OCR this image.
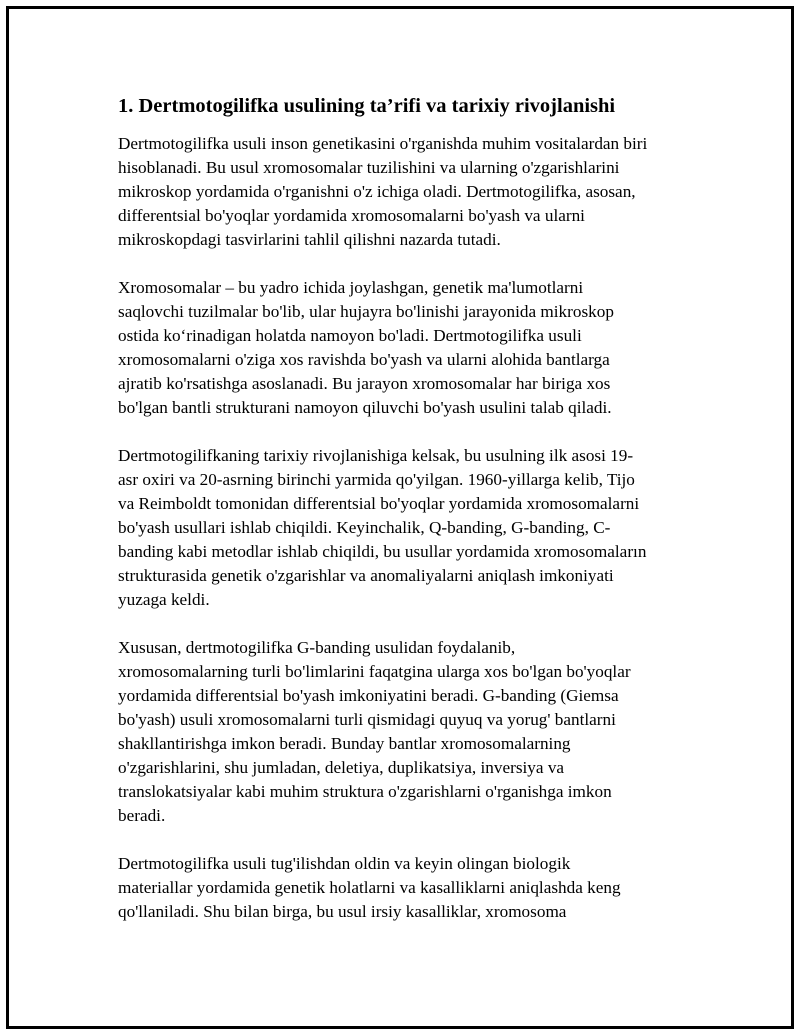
1. Dertmotogilifka usulining ta’rifi va tarixiy rivojlanishi

Dertmotogilifka usuli inson genetikasini o'rganishda muhim vositalardan biri
hisoblanadi. Bu usul xromosomalar tuzilishini va ularning o'zgarishlarini
mikroskop yordamida o'rganishni o'z ichiga oladi. Dertmotogilifka, asosan,
differentsial bo'yoqlar yordamida xromosomalarni bo'yash va ularni
mikroskopdagi tasvirlarini tahlil qilishni nazarda tutadi.

Xromosomalar – bu yadro ichida joylashgan, genetik ma'lumotlarni
saqlovchi tuzilmalar bo'lib, ular hujayra bo'linishi jarayonida mikroskop
ostida ko‘rinadigan holatda namoyon bo'ladi. Dertmotogilifka usuli
xromosomalarni o'ziga xos ravishda bo'yash va ularni alohida bantlarga
ajratib ko'rsatishga asoslanadi. Bu jarayon xromosomalar har biriga xos
bo'lgan bantli strukturani namoyon qiluvchi bo'yash usulini talab qiladi.

Dertmotogilifkaning tarixiy rivojlanishiga kelsak, bu usulning ilk asosi 19-
asr oxiri va 20-asrning birinchi yarmida qo'yilgan. 1960-yillarga kelib, Tijo
va Reimboldt tomonidan differentsial bo'yoqlar yordamida xromosomalarni
bo'yash usullari ishlab chiqildi. Keyinchalik, Q-banding, G-banding, C-
banding kabi metodlar ishlab chiqildi, bu usullar yordamida xromosomaların
strukturasida genetik o'zgarishlar va anomaliyalarni aniqlash imkoniyati
yuzaga keldi.

Xususan, dertmotogilifka G-banding usulidan foydalanib,
xromosomalarning turli bo'limlarini faqatgina ularga xos bo'lgan bo'yoqlar
yordamida differentsial bo'yash imkoniyatini beradi. G-banding (Giemsa
bo'yash) usuli xromosomalarni turli qismidagi quyuq va yorug' bantlarni
shakllantirishga imkon beradi. Bunday bantlar xromosomalarning
o'zgarishlarini, shu jumladan, deletiya, duplikatsiya, inversiya va
translokatsiyalar kabi muhim struktura o'zgarishlarni o'rganishga imkon
beradi.

Dertmotogilifka usuli tug'ilishdan oldin va keyin olingan biologik
materiallar yordamida genetik holatlarni va kasalliklarni aniqlashda keng
qo'llaniladi. Shu bilan birga, bu usul irsiy kasalliklar, xromosoma
